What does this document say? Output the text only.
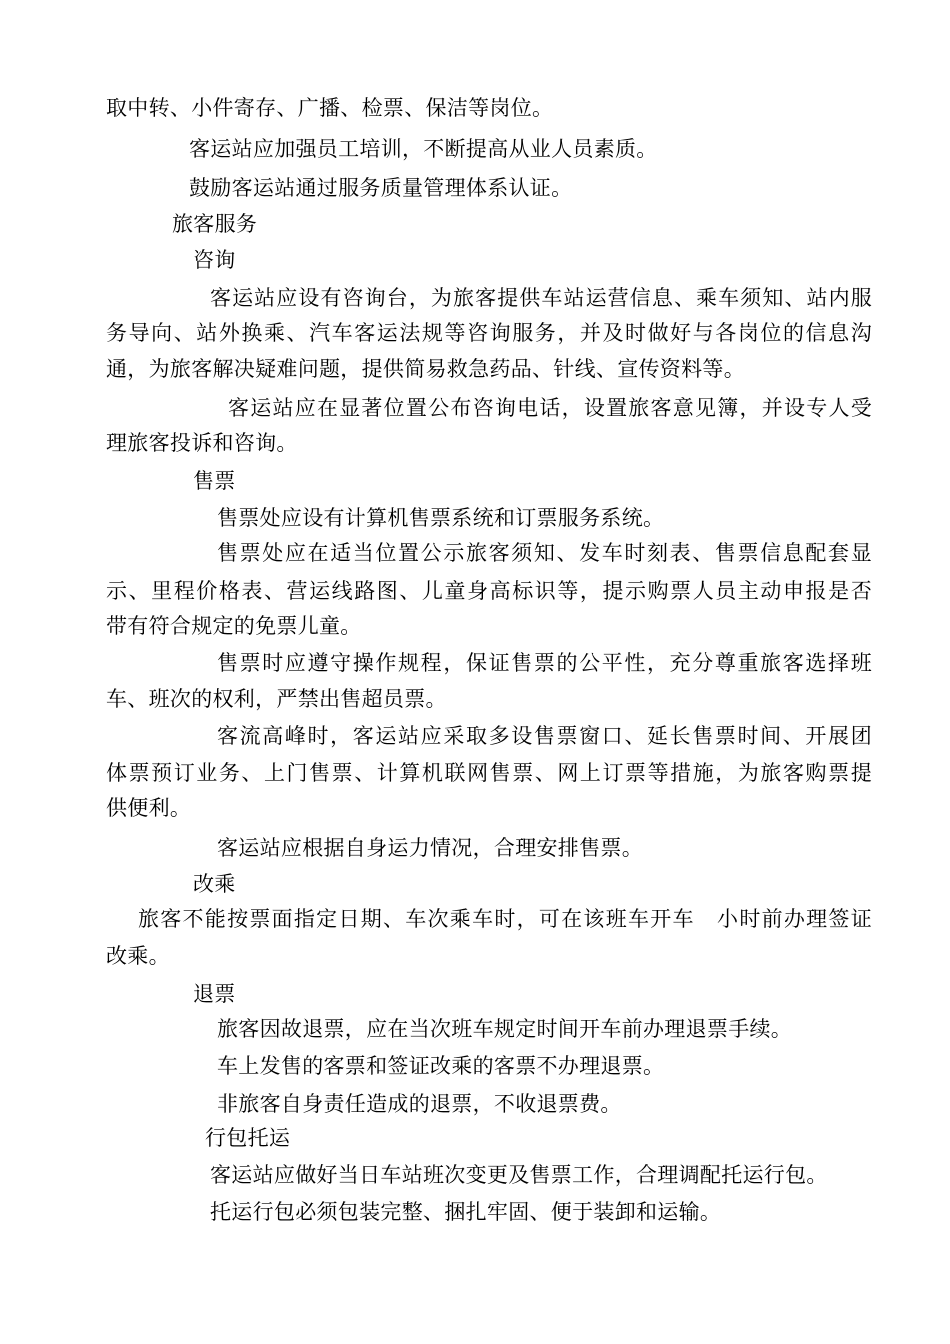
取中转、小件寄存、广播、检票、保洁等岗位。
客运站应加强员工培训，不断提高从业人员素质。
鼓励客运站通过服务质量管理体系认证。
旅客服务
咨询
客运站应设有咨询台，为旅客提供车站运营信息、乘车须知、站内服
务导向、站外换乘、汽车客运法规等咨询服务，并及时做好与各岗位的信息沟
通，为旅客解决疑难问题，提供简易救急药品、针线、宣传资料等。
客运站应在显著位置公布咨询电话，设置旅客意见簿，并设专人受
理旅客投诉和咨询。
售票
售票处应设有计算机售票系统和订票服务系统。
售票处应在适当位置公示旅客须知、发车时刻表、售票信息配套显
示、里程价格表、营运线路图、儿童身高标识等，提示购票人员主动申报是否
带有符合规定的免票儿童。
售票时应遵守操作规程，保证售票的公平性，充分尊重旅客选择班
车、班次的权利，严禁出售超员票。
客流高峰时，客运站应采取多设售票窗口、延长售票时间、开展团
体票预订业务、上门售票、计算机联网售票、网上订票等措施，为旅客购票提
供便利。
客运站应根据自身运力情况，合理安排售票。
改乘
旅客不能按票面指定日期、车次乘车时，可在该班车开车　小时前办理签证
改乘。
退票
旅客因故退票，应在当次班车规定时间开车前办理退票手续。
车上发售的客票和签证改乘的客票不办理退票。
非旅客自身责任造成的退票，不收退票费。
行包托运
客运站应做好当日车站班次变更及售票工作，合理调配托运行包。
托运行包必须包装完整、捆扎牢固、便于装卸和运输。
